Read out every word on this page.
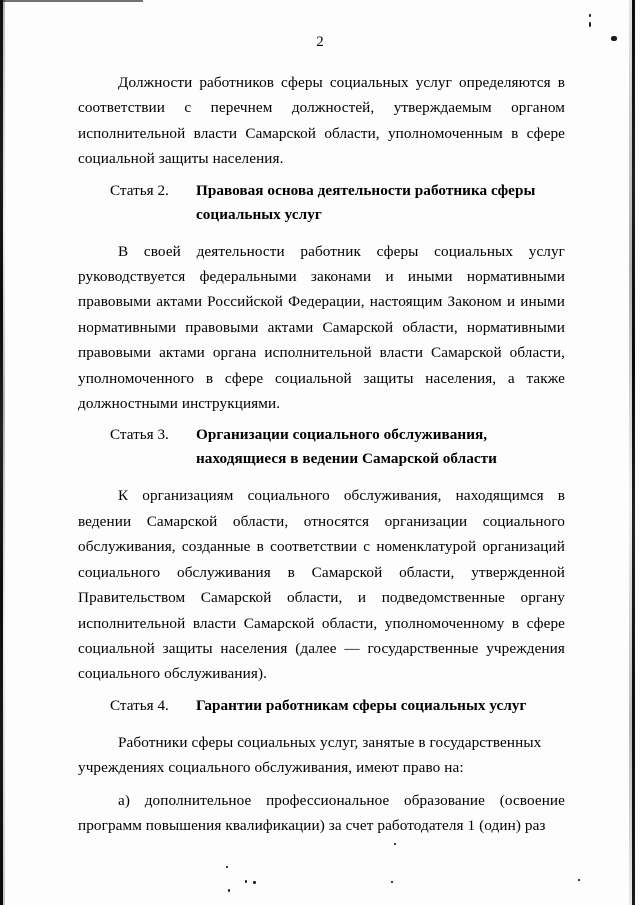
2

Должности работников сферы социальных услуг определяются в соответствии с перечнем должностей, утверждаемым органом исполнительной власти Самарской области, уполномоченным в сфере социальной защиты населения.

Статья 2.	Правовая основа деятельности работника сферы социальных услуг

В своей деятельности работник сферы социальных услуг руководствуется федеральными законами и иными нормативными правовыми актами Российской Федерации, настоящим Законом и иными нормативными правовыми актами Самарской области, нормативными правовыми актами органа исполнительной власти Самарской области, уполномоченного в сфере социальной защиты населения, а также должностными инструкциями.

Статья 3.	Организации социального обслуживания, находящиеся в ведении Самарской области

К организациям социального обслуживания, находящимся в ведении Самарской области, относятся организации социального обслуживания, созданные в соответствии с номенклатурой организаций социального обслуживания в Самарской области, утвержденной Правительством Самарской области, и подведомственные органу исполнительной власти Самарской области, уполномоченному в сфере социальной защиты населения (далее — государственные учреждения социального обслуживания).

Статья 4.	Гарантии работникам сферы социальных услуг

Работники сферы социальных услуг, занятые в государственных учреждениях социального обслуживания, имеют право на:

а) дополнительное профессиональное образование (освоение программ повышения квалификации) за счет работодателя 1 (один) раз
